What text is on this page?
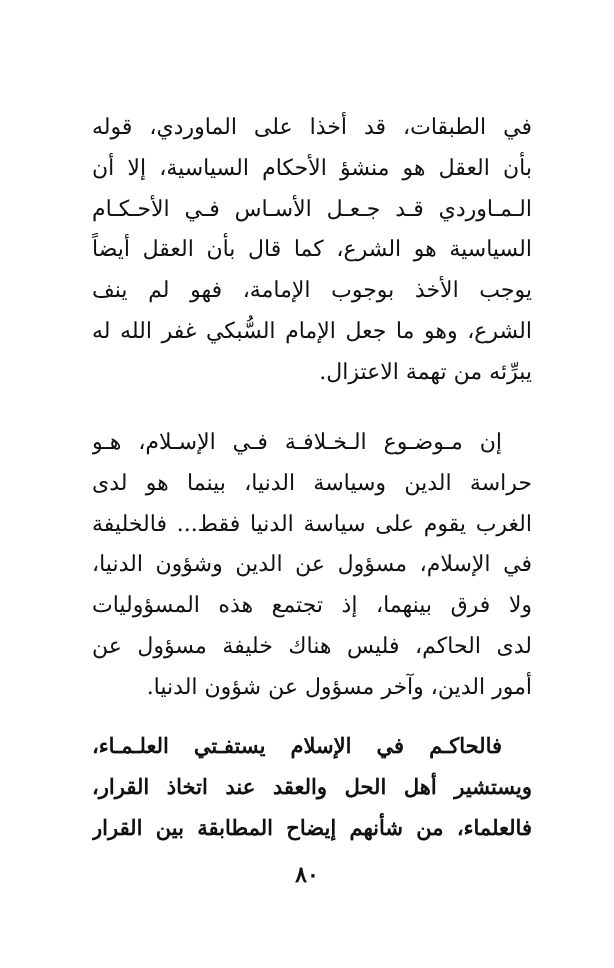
في الطبقات، قد أخذا على الماوردي، قوله
بأن العقل هو منشؤ الأحكام السياسية، إلا أن
الـمـاوردي قـد جـعـل الأسـاس فـي الأحـكـام
السياسية هو الشرع، كما قال بأن العقل أيضاً
يوجب الأخذ بوجوب الإمامة، فهو لم ينف
الشرع، وهو ما جعل الإمام السُّبكي غفر الله له
يبرِّئه من تهمة الاعتزال.
إن مـوضـوع الـخـلافـة فـي الإسـلام، هـو
حراسة الدين وسياسة الدنيا، بينما هو لدى
الغرب يقوم على سياسة الدنيا فقط... فالخليفة
في الإسلام، مسؤول عن الدين وشؤون الدنيا،
ولا فرق بينهما، إذ تجتمع هذه المسؤوليات
لدى الحاكم، فليس هناك خليفة مسؤول عن
أمور الدين، وآخر مسؤول عن شؤون الدنيا.
فالحاكـم في الإسلام يستفـتي العلـمـاء،
ويستشير أهل الحل والعقد عند اتخاذ القرار،
فالعلماء، من شأنهم إيضاح المطابقة بين القرار
٨٠
